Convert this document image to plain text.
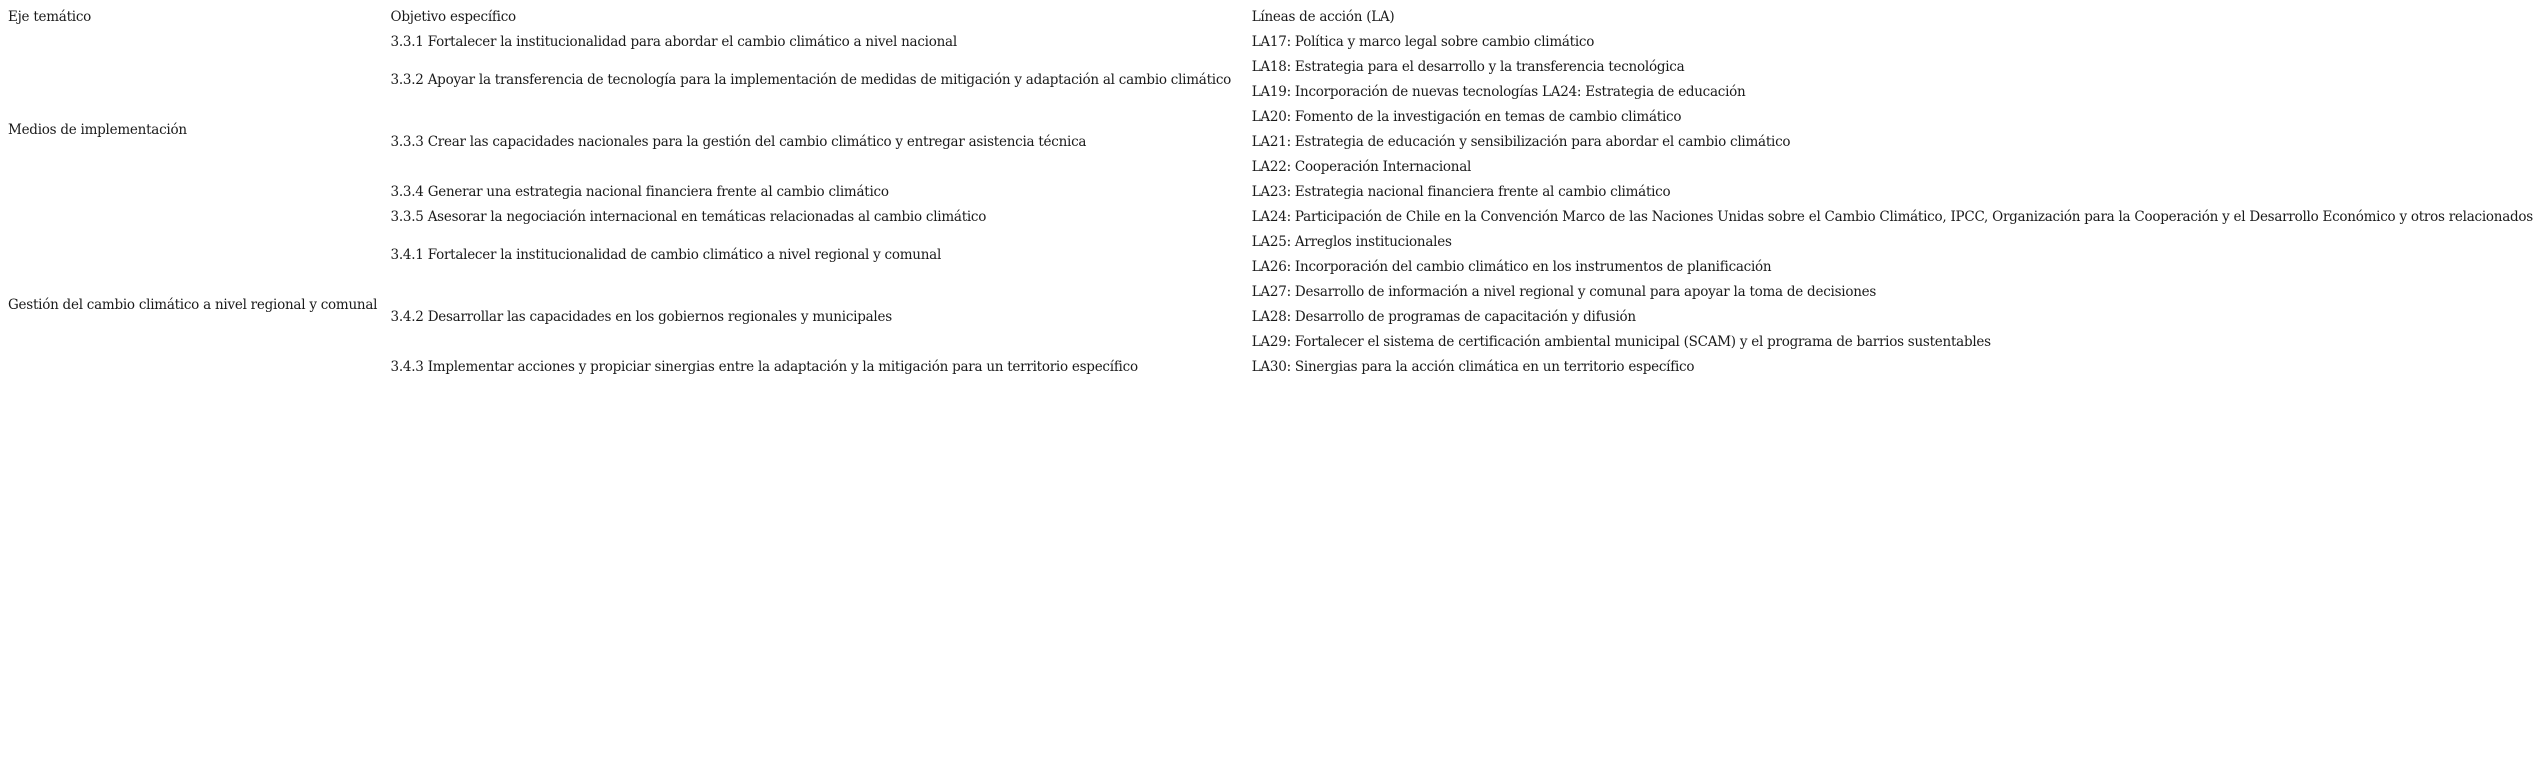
Eje temático	Objetivo específico	Líneas de acción (LA)
Medios de implementación	3.3.1 Fortalecer la institucionalidad para abordar el cambio climático a nivel nacional	LA17: Política y marco legal sobre cambio climático
	3.3.2 Apoyar la transferencia de tecnología para la implementación de medidas de mitigación y adaptación al cambio climático	LA18: Estrategia para el desarrollo y la transferencia tecnológica
		LA19: Incorporación de nuevas tecnologías LA24: Estrategia de educación
	3.3.3 Crear las capacidades nacionales para la gestión del cambio climático y entregar asistencia técnica	LA20: Fomento de la investigación en temas de cambio climático
		LA21: Estrategia de educación y sensibilización para abordar el cambio climático
		LA22: Cooperación Internacional
	3.3.4 Generar una estrategia nacional financiera frente al cambio climático	LA23: Estrategia nacional financiera frente al cambio climático
	3.3.5 Asesorar la negociación internacional en temáticas relacionadas al cambio climático	LA24: Participación de Chile en la Convención Marco de las Naciones Unidas sobre el Cambio Climático, IPCC, Organización para la Cooperación y el Desarrollo Económico y otros relacionados
Gestión del cambio climático a nivel regional y comunal	3.4.1 Fortalecer la institucionalidad de cambio climático a nivel regional y comunal	LA25: Arreglos institucionales
		LA26: Incorporación del cambio climático en los instrumentos de planificación
	3.4.2 Desarrollar las capacidades en los gobiernos regionales y municipales	LA27: Desarrollo de información a nivel regional y comunal para apoyar la toma de decisiones
		LA28: Desarrollo de programas de capacitación y difusión
		LA29: Fortalecer el sistema de certificación ambiental municipal (SCAM) y el programa de barrios sustentables
	3.4.3 Implementar acciones y propiciar sinergias entre la adaptación y la mitigación para un territorio específico	LA30: Sinergias para la acción climática en un territorio específico
